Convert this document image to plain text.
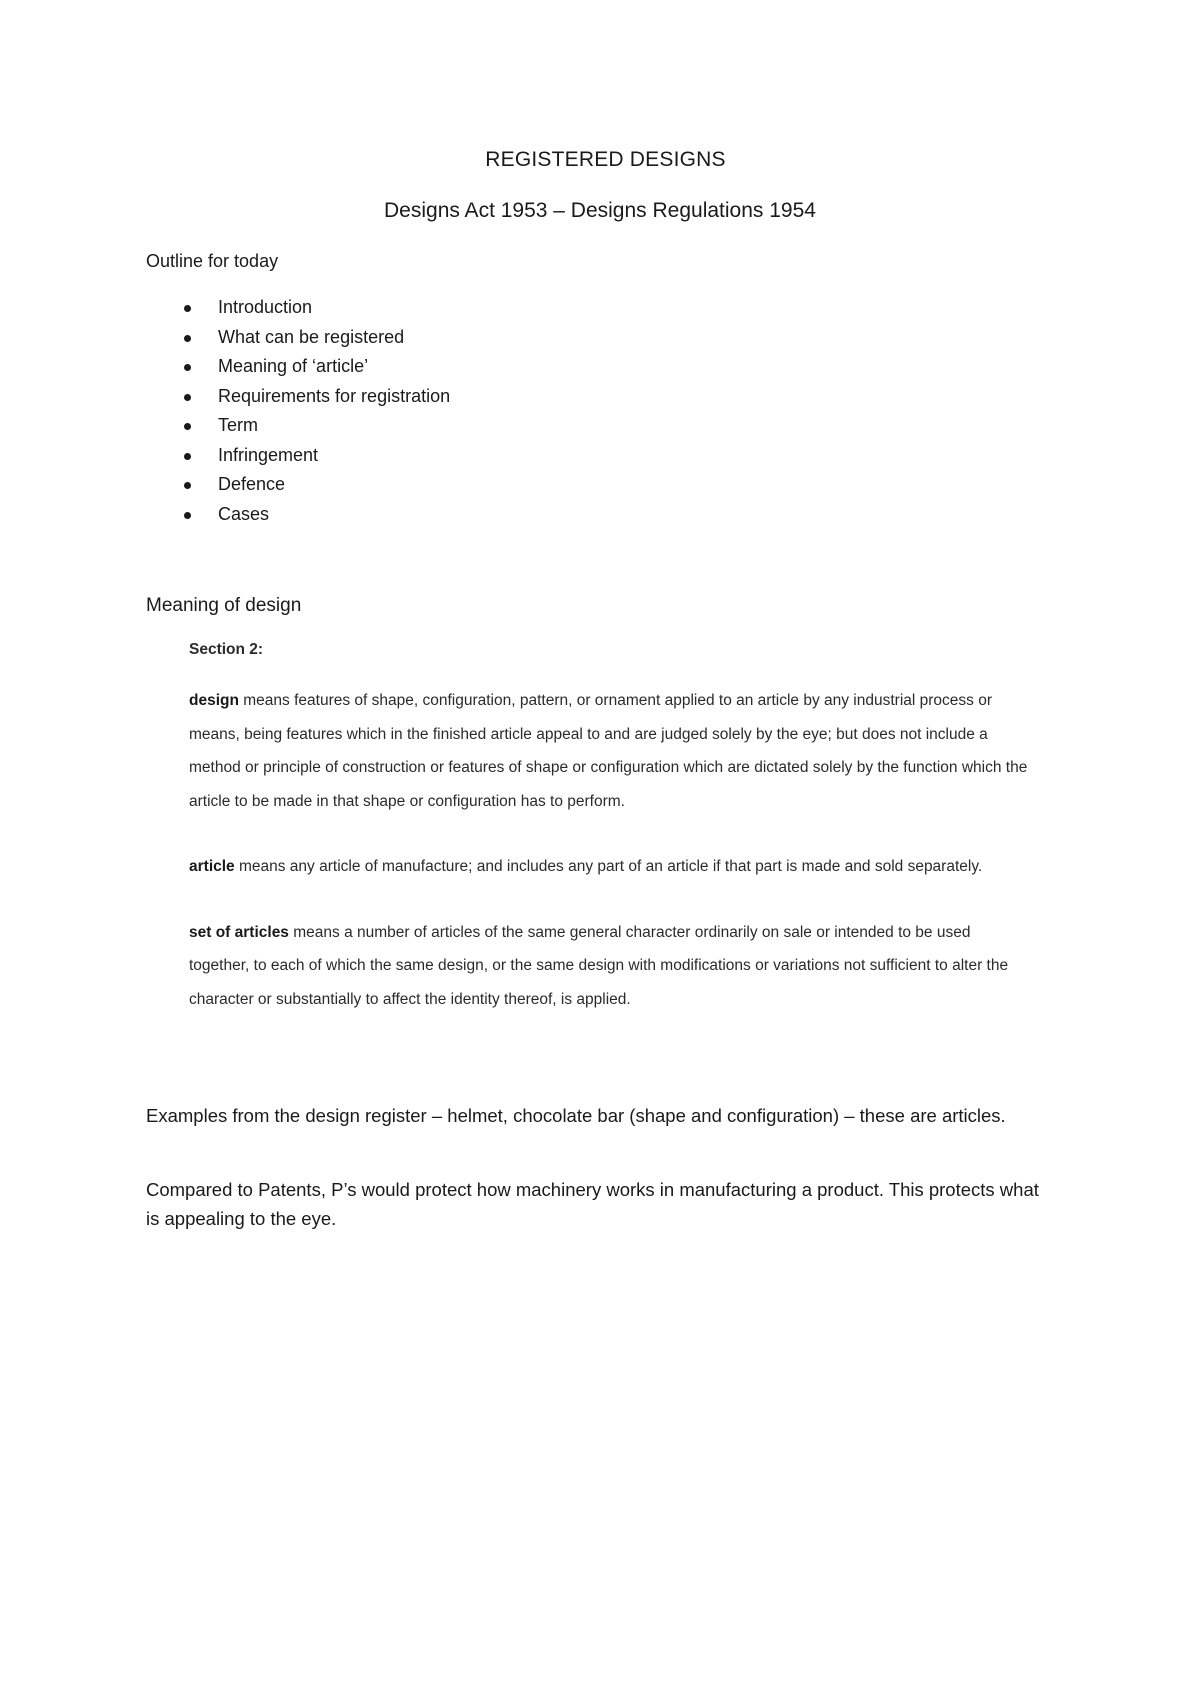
REGISTERED DESIGNS
Designs Act 1953 – Designs Regulations 1954
Outline for today
Introduction
What can be registered
Meaning of ‘article’
Requirements for registration
Term
Infringement
Defence
Cases
Meaning of design
Section 2:

design means features of shape, configuration, pattern, or ornament applied to an article by any industrial process or means, being features which in the finished article appeal to and are judged solely by the eye; but does not include a method or principle of construction or features of shape or configuration which are dictated solely by the function which the article to be made in that shape or configuration has to perform.

article means any article of manufacture; and includes any part of an article if that part is made and sold separately.

set of articles means a number of articles of the same general character ordinarily on sale or intended to be used together, to each of which the same design, or the same design with modifications or variations not sufficient to alter the character or substantially to affect the identity thereof, is applied.

Examples from the design register – helmet, chocolate bar (shape and configuration) – these are articles.
Compared to Patents, P’s would protect how machinery works in manufacturing a product. This protects what is appealing to the eye.
